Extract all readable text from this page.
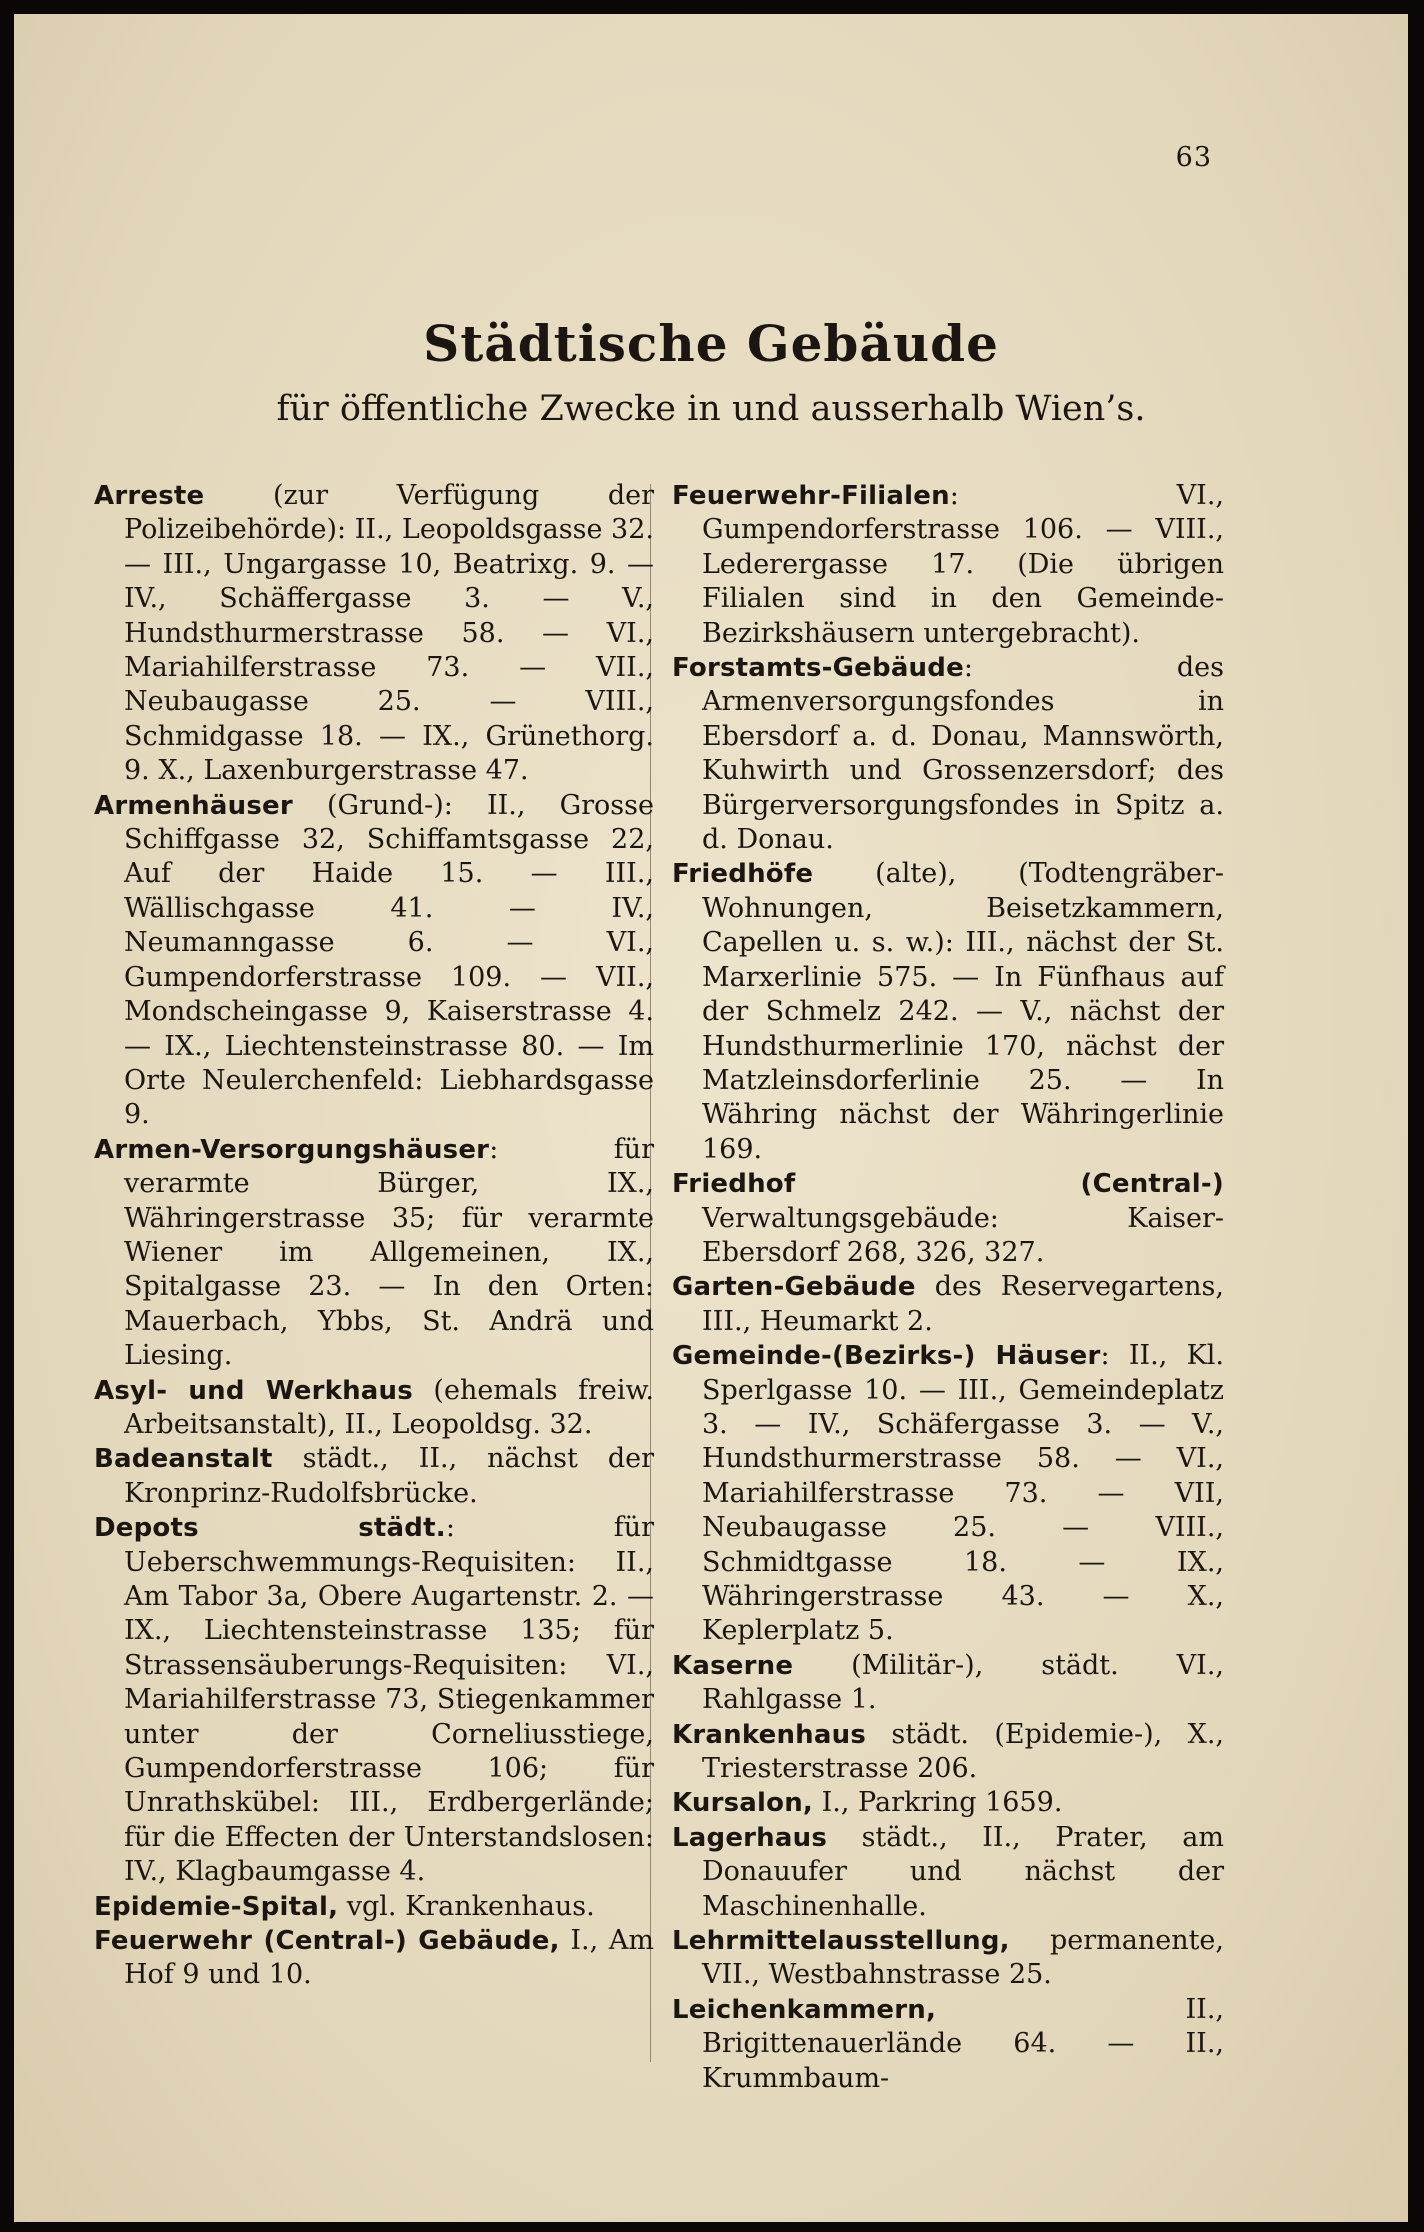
63
Städtische Gebäude
für öffentliche Zwecke in und ausserhalb Wien’s.

Arreste (zur Verfügung der Polizeibehörde): II., Leopoldsgasse 32. — III., Ungargasse 10, Beatrixg. 9. — IV., Schäffergasse 3. — V., Hundsthurmerstrasse 58. — VI., Mariahilferstrasse 73. — VII., Neubaugasse 25. — VIII., Schmidgasse 18. — IX., Grünethorg. 9. X., Laxenburgerstrasse 47.

Armenhäuser (Grund-): II., Grosse Schiffgasse 32, Schiffamtsgasse 22, Auf der Haide 15. — III., Wällischgasse 41. — IV., Neumanngasse 6. — VI., Gumpendorferstrasse 109. — VII., Mondscheingasse 9, Kaiserstrasse 4. — IX., Liechtensteinstrasse 80. — Im Orte Neulerchenfeld: Liebhardsgasse 9.

Armen-Versorgungshäuser: für verarmte Bürger, IX., Währingerstrasse 35; für verarmte Wiener im Allgemeinen, IX., Spitalgasse 23. — In den Orten: Mauerbach, Ybbs, St. Andrä und Liesing.

Asyl- und Werkhaus (ehemals freiw. Arbeitsanstalt), II., Leopoldsg. 32.

Badeanstalt städt., II., nächst der Kronprinz-Rudolfsbrücke.

Depots städt.: für Ueberschwemmungs-Requisiten: II., Am Tabor 3a, Obere Augartenstr. 2. — IX., Liechtensteinstrasse 135; für Strassensäuberungs-Requisiten: VI., Mariahilferstrasse 73, Stiegenkammer unter der Corneliusstiege, Gumpendorferstrasse 106; für Unrathskübel: III., Erdbergerlände; für die Effecten der Unterstandslosen: IV., Klagbaumgasse 4.

Epidemie-Spital, vgl. Krankenhaus.

Feuerwehr (Central-) Gebäude, I., Am Hof 9 und 10.

Feuerwehr-Filialen: VI., Gumpendorferstrasse 106. — VIII., Lederergasse 17. (Die übrigen Filialen sind in den Gemeinde-Bezirkshäusern untergebracht).

Forstamts-Gebäude: des Armenversorgungsfondes in Ebersdorf a. d. Donau, Mannswörth, Kuhwirth und Grossenzersdorf; des Bürgerversorgungsfondes in Spitz a. d. Donau.

Friedhöfe (alte), (Todtengräber-Wohnungen, Beisetzkammern, Capellen u. s. w.): III., nächst der St. Marxerlinie 575. — In Fünfhaus auf der Schmelz 242. — V., nächst der Hundsthurmerlinie 170, nächst der Matzleinsdorferlinie 25. — In Währing nächst der Währingerlinie 169.

Friedhof (Central-) Verwaltungsgebäude: Kaiser-Ebersdorf 268, 326, 327.

Garten-Gebäude des Reservegartens, III., Heumarkt 2.

Gemeinde-(Bezirks-) Häuser: II., Kl. Sperlgasse 10. — III., Gemeindeplatz 3. — IV., Schäfergasse 3. — V., Hundsthurmerstrasse 58. — VI., Mariahilferstrasse 73. — VII, Neubaugasse 25. — VIII., Schmidtgasse 18. — IX., Währingerstrasse 43. — X., Keplerplatz 5.

Kaserne (Militär-), städt. VI., Rahlgasse 1.

Krankenhaus städt. (Epidemie-), X., Triesterstrasse 206.

Kursalon, I., Parkring 1659.

Lagerhaus städt., II., Prater, am Donauufer und nächst der Maschinenhalle.

Lehrmittelausstellung, permanente, VII., Westbahnstrasse 25.

Leichenkammern, II., Brigittenauerlände 64. — II., Krummbaum-
